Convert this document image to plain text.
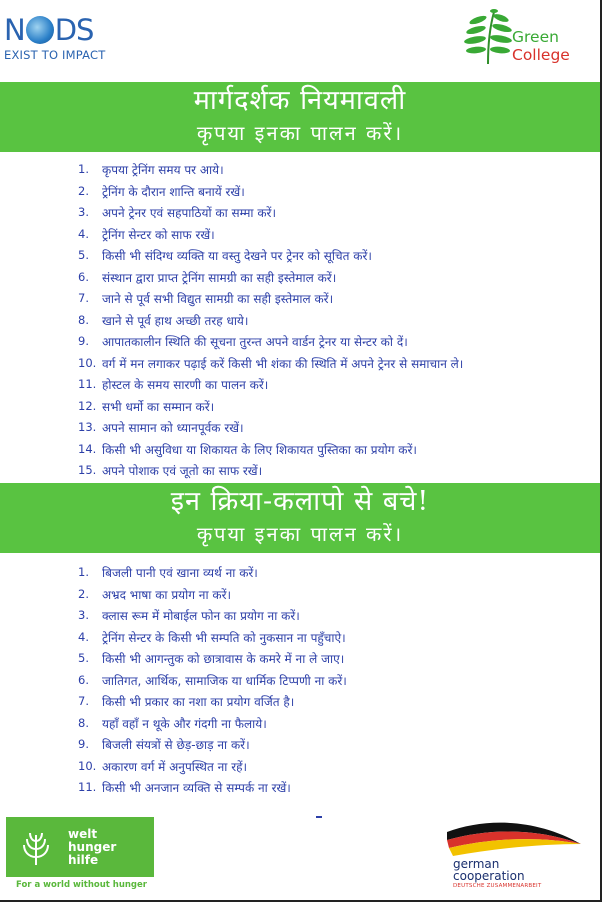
N DS
EXIST TO IMPACT
Green
College
मार्गदर्शक नियमावली
कृपया इनका पालन करें।
1.	कृपया ट्रेनिंग समय पर आये।
2.	ट्रेनिंग के दौरान शान्ति बनायें रखें।
3.	अपने ट्रेनर एवं सहपाठियों का सम्मा करें।
4.	ट्रेनिंग सेन्टर को साफ रखें।
5.	किसी भी संदिग्ध व्यक्ति या वस्तु देखने पर ट्रेनर को सूचित करें।
6.	संस्थान द्वारा प्राप्त ट्रेनिंग सामग्री का सही इस्तेमाल करें।
7.	जाने से पूर्व सभी विद्युत सामग्री का सही इस्तेमाल करें।
8.	खाने से पूर्व हाथ अच्छी तरह धाये।
9.	आपातकालीन स्थिति की सूचना तुरन्त अपने वार्डन ट्रेनर या सेन्टर को दें।
10. वर्ग में मन लगाकर पढ़ाई करें किसी भी शंका की स्थिति में अपने ट्रेनर से समाचान ले।
11. होस्टल के समय सारणी का पालन करें।
12. सभी धर्मो का सम्मान करें।
13. अपने सामान को ध्यानपूर्वक रखें।
14. किसी भी असुविधा या शिकायत के लिए शिकायत पुस्तिका का प्रयोग करें।
15. अपने पोशाक एवं जूतो का साफ रखें।
इन क्रिया-कलापो से बचे!
कृपया इनका पालन करें।
1.	बिजली पानी एवं खाना व्यर्थ ना करें।
2.	अभ्रद भाषा का प्रयोग ना करें।
3.	क्लास रूम में मोबाईल फोन का प्रयोग ना करें।
4.	ट्रेनिंग सेन्टर के किसी भी सम्पति को नुकसान ना पहुँचाऐ।
5.	किसी भी आगन्तुक को छात्रावास के कमरे में ना ले जाए।
6.	जातिगत, आर्थिक, सामाजिक या धार्मिक टिप्पणी ना करें।
7.	किसी भी प्रकार का नशा का प्रयोग वर्जित है।
8.	यहाँ वहाँ न थूके और गंदगी ना फैलाये।
9.	बिजली संयत्रों से छेड़-छाड़ ना करें।
10. अकारण वर्ग में अनुपस्थित ना रहें।
11. किसी भी अनजान व्यक्ति से सम्पर्क ना रखें।
welt
hunger
hilfe
For a world without hunger
german
cooperation
DEUTSCHE ZUSAMMENARBEIT
